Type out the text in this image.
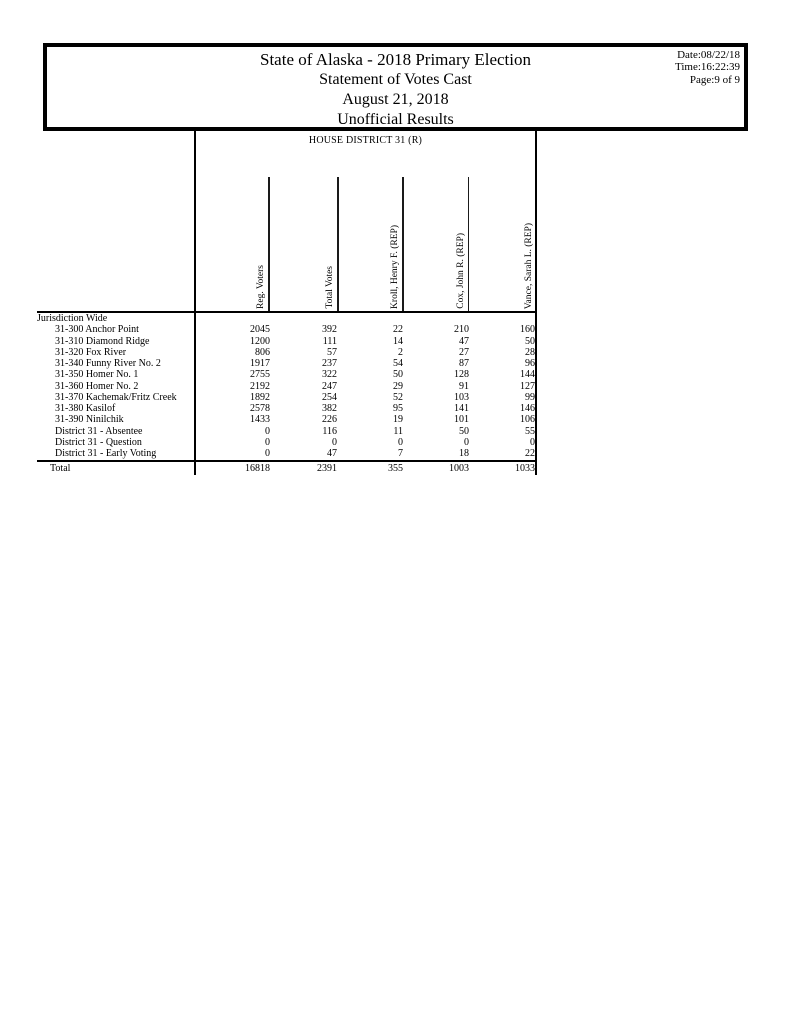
State of Alaska - 2018 Primary Election
Statement of Votes Cast
August 21, 2018
Unofficial Results
Date:08/22/18
Time:16:22:39
Page:9 of 9
HOUSE DISTRICT 31 (R)
Reg. Voters	Total Votes	Kroll, Henry F. (REP)	Cox, John R. (REP)	Vance, Sarah L. (REP)
Jurisdiction Wide
31-300 Anchor Point	2045	392	22	210	160
31-310 Diamond Ridge	1200	111	14	47	50
31-320 Fox River	806	57	2	27	28
31-340 Funny River No. 2	1917	237	54	87	96
31-350 Homer No. 1	2755	322	50	128	144
31-360 Homer No. 2	2192	247	29	91	127
31-370 Kachemak/Fritz Creek	1892	254	52	103	99
31-380 Kasilof	2578	382	95	141	146
31-390 Ninilchik	1433	226	19	101	106
District 31 - Absentee	0	116	11	50	55
District 31 - Question	0	0	0	0	0
District 31 - Early Voting	0	47	7	18	22
Total	16818	2391	355	1003	1033
